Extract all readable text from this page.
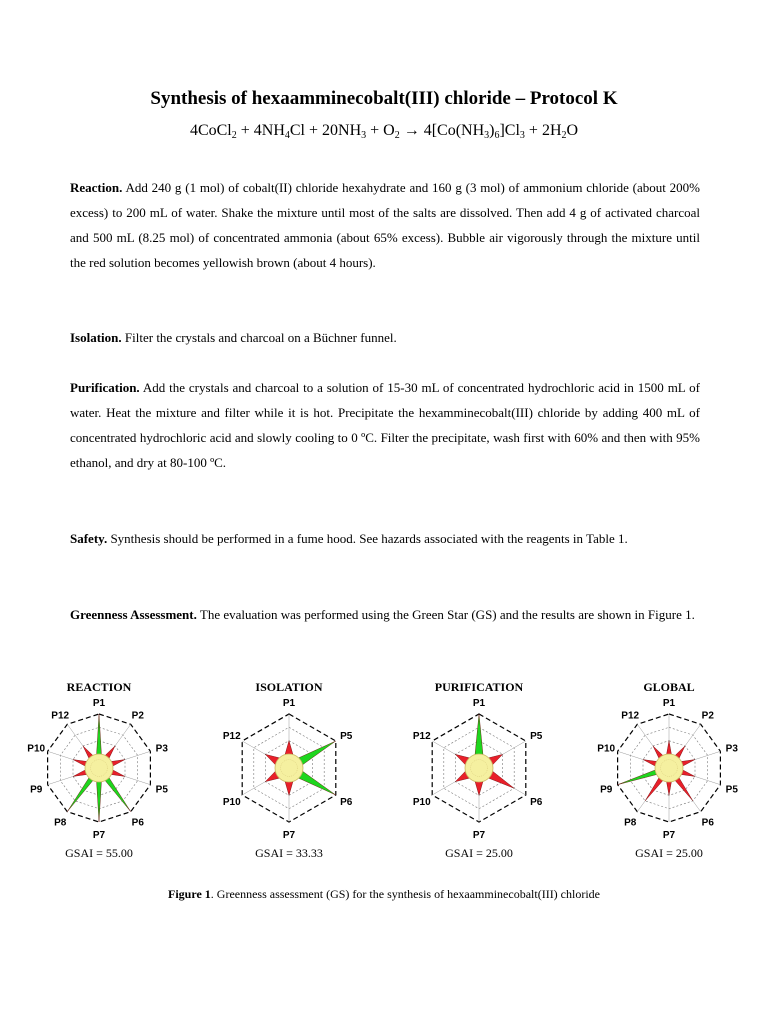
Synthesis of hexaamminecobalt(III) chloride – Protocol K
4CoCl$_2$ + $4NH_4Cl + 20NH_3 + O_2 \to 4[Co(NH_3)_6]Cl_3 + 2H_2O$
Reaction. Add 240 g (1 mol) of cobalt(II) chloride hexahydrate and 160 g (3 mol) of ammonium chloride (about 200% excess) to 200 mL of water. Shake the mixture until most of the salts are dissolved. Then add 4 g of activated charcoal and 500 mL (8.25 mol) of concentrated ammonia (about 65% excess). Bubble air vigorously through the mixture until the red solution becomes yellowish brown (about 4 hours).
Isolation. Filter the crystals and charcoal on a Büchner funnel.
Purification. Add the crystals and charcoal to a solution of 15-30 mL of concentrated hydrochloric acid in 1500 mL of water. Heat the mixture and filter while it is hot. Precipitate the hexamminecobalt(III) chloride by adding 400 mL of concentrated hydrochloric acid and slowly cooling to 0 ºC. Filter the precipitate, wash first with 60% and then with 95% ethanol, and dry at 80-100 ºC.
Safety. Synthesis should be performed in a fume hood. See hazards associated with the reagents in Table 1.
Greenness Assessment. The evaluation was performed using the Green Star (GS) and the results are shown in Figure 1.
REACTION	ISOLATION	PURIFICATION	GLOBAL
P1
P2
P3
P5
P6
P7
P8
P9
P10
P12
P1
P5
P6
P7
P10
P12
P1
P5
P6
P7
P10
P12
P1
P2
P3
P5
P6
P7
P8
P9
P10
P12
GSAI = 55.00	GSAI = 33.33	GSAI = 25.00	GSAI = 25.00
Figure 1. Greenness assessment (GS) for the synthesis of hexaamminecobalt(III) chloride
